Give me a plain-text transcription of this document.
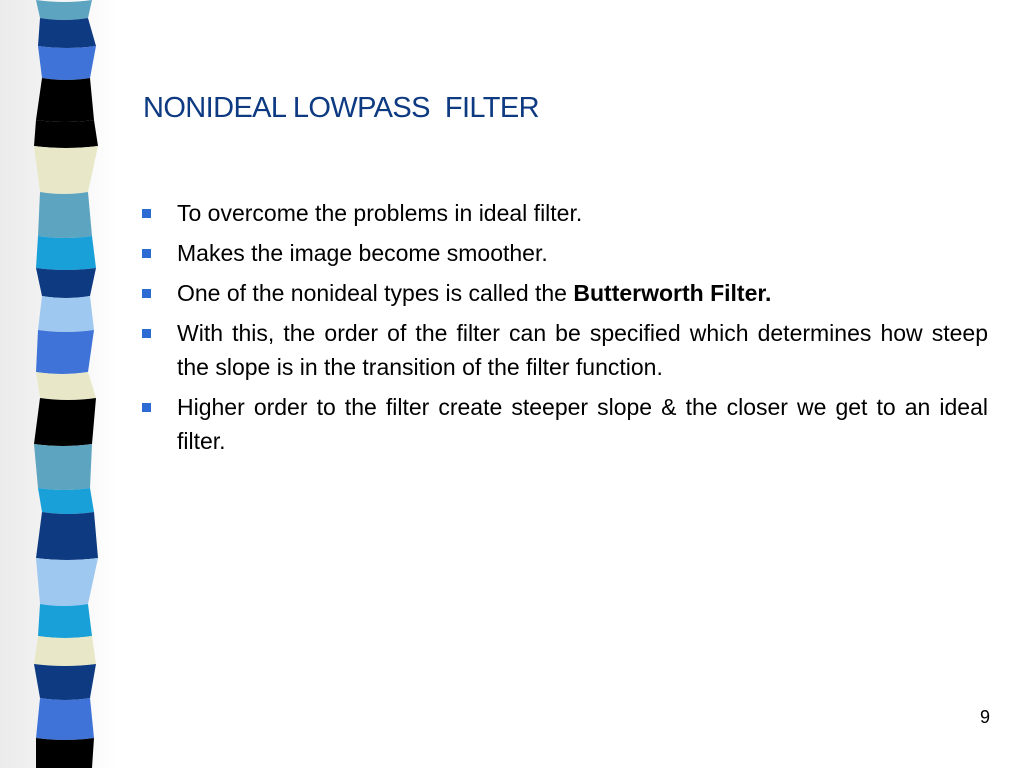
NONIDEAL LOWPASS  FILTER
To overcome the problems in ideal filter.
Makes the image become smoother.
One of the nonideal types is called the Butterworth Filter.
With this, the order of the filter can be specified which determines how steep the slope is in the transition of the filter function.
Higher order to the filter create steeper slope & the closer we get to an ideal filter.
9
